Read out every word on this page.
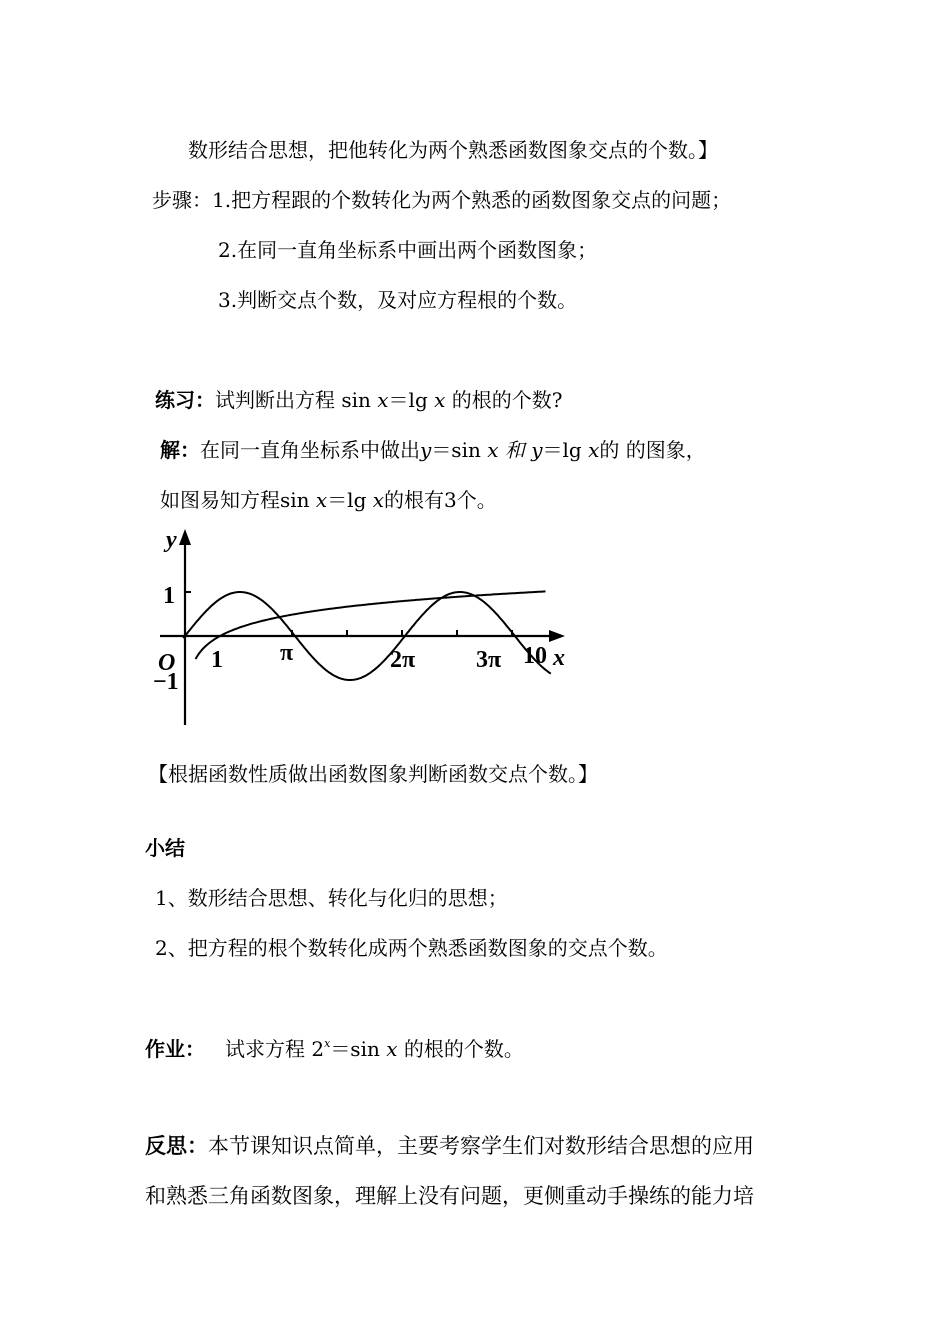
数形结合思想，把他转化为两个熟悉函数图象交点的个数。】
步骤：1.把方程跟的个数转化为两个熟悉的函数图象交点的问题；
2.在同一直角坐标系中画出两个函数图象；
3.判断交点个数，及对应方程根的个数。
练习：试判断出方程 sin x＝lg x 的根的个数?
解：在同一直角坐标系中做出y＝sin x 和 y＝lg x的 的图象，
如图易知方程sin x＝lg x的根有3个。
y
x
O
1
−1
1 π	2π	3π 10
【根据函数性质做出函数图象判断函数交点个数。】
小结
1、数形结合思想、转化与化归的思想；
2、把方程的根个数转化成两个熟悉函数图象的交点个数。
作业： 试求方程 $2^x=\sin$ x 的根的个数。
反思：本节课知识点简单，主要考察学生们对数形结合思想的应用
和熟悉三角函数图象，理解上没有问题，更侧重动手操练的能力培
